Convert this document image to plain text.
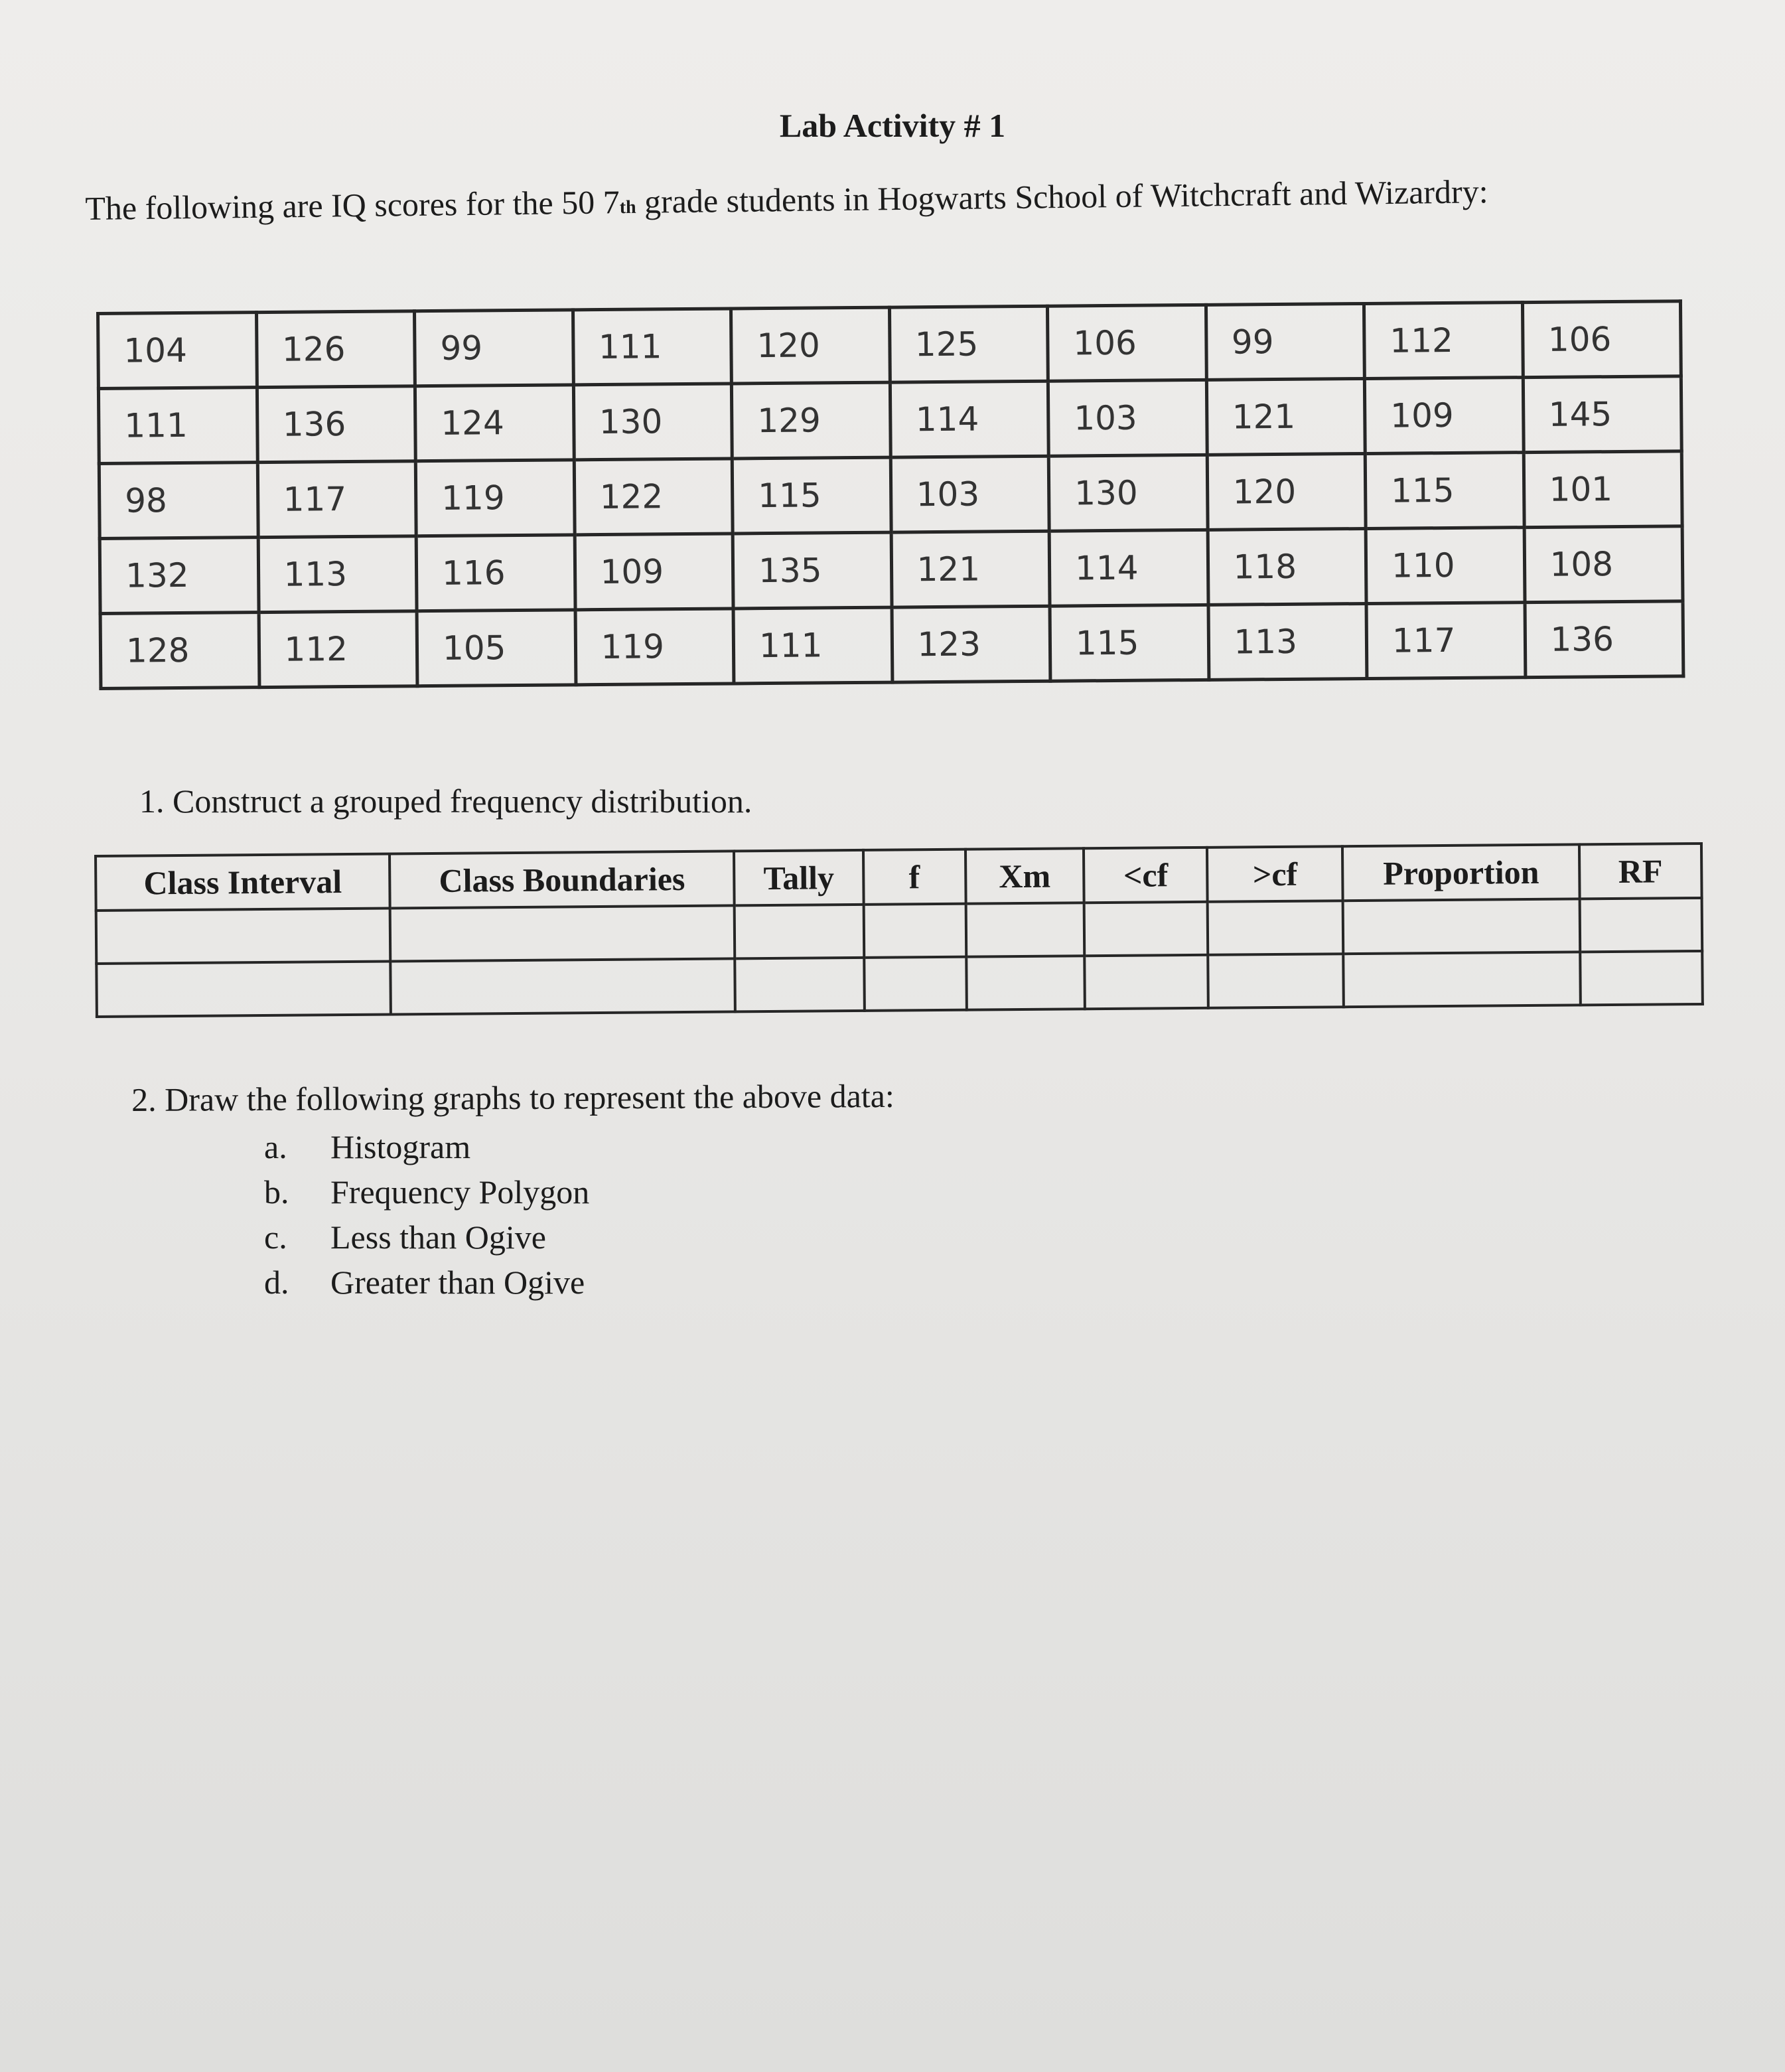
Lab Activity # 1
The following are IQ scores for the 50 7th grade students in Hogwarts School of Witchcraft and Wizardry:
104	126	99	111	120	125	106	99	112	106
111	136	124	130	129	114	103	121	109	145
98	117	119	122	115	103	130	120	115	101
132	113	116	109	135	121	114	118	110	108
128	112	105	119	111	123	115	113	117	136
1. Construct a grouped frequency distribution.
Class Interval	Class Boundaries	Tally	f	Xm	<cf	>cf	Proportion	RF

2. Draw the following graphs to represent the above data:
a. Histogram
b. Frequency Polygon
c. Less than Ogive
d. Greater than Ogive
